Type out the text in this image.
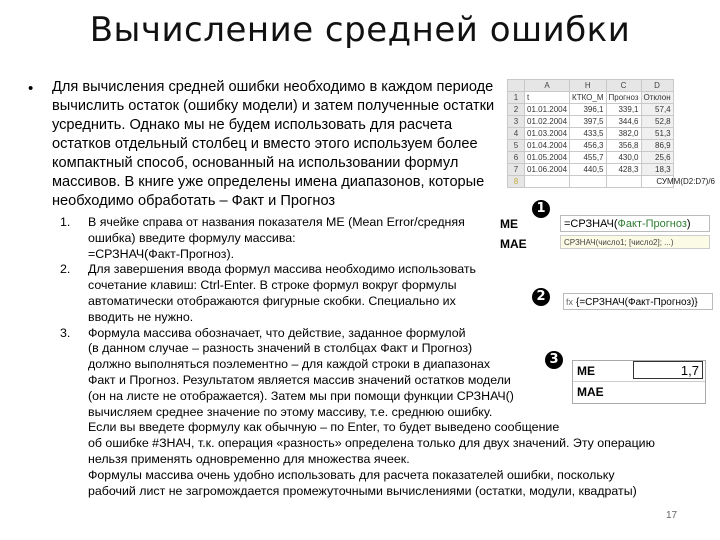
Вычисление средней ошибки
• Для вычисления средней ошибки необходимо в каждом периоде
вычислить остаток (ошибку модели) и затем полученные остатки
усреднить. Однако мы не будем использовать для расчета
остатков отдельный столбец и вместо этого используем более
компактный способ, основанный на использовании формул
массивов. В книге уже определены имена диапазонов, которые
необходимо обработать – Факт и Прогноз
	A	H	C	D
1	t	КТКО_М	Прогноз	Отклон
2	01.01.2004	396,1	339,1	57,4
3	01.02.2004	397,5	344,6	52,8
4	01.03.2004	433,5	382,0	51,3
5	01.04.2004	456,3	356,8	86,9
6	01.05.2004	455,7	430,0	25,6
7	01.06.2004	440,5	428,3	18,3
8					СУММ(D2:D7)/6
1.	В ячейке справа от названия показателя ME (Mean Error/средняя
ошибка) введите формулу массива:
=СРЗНАЧ(Факт-Прогноз).
2.	Для завершения ввода формул массива необходимо использовать
сочетание клавиш: Ctrl-Enter. В строке формул вокруг формулы
автоматически отображаются фигурные скобки. Специально их
вводить не нужно.
3.	Формула массива обозначает, что действие, заданное формулой
(в данном случае – разность значений в столбцах Факт и Прогноз)
должно выполняться поэлементно – для каждой строки в диапазонах
Факт и Прогноз. Результатом является массив значений остатков модели
(он на листе не отображается). Затем мы при помощи функции СРЗНАЧ()
вычисляем среднее значение по этому массиву, т.е. среднюю ошибку.
Если вы введете формулу как обычную – по Enter, то будет выведено сообщение
об ошибке #ЗНАЧ, т.к. операция «разность» определена только для двух значений. Эту операцию
нельзя применять одновременно для множества ячеек.
Формулы массива очень удобно использовать для расчета показателей ошибки, поскольку
рабочий лист не загромождается промежуточными вычислениями (остатки, модули, квадраты)
1
2
3
ME
MAE
=СРЗНАЧ(Факт-Прогноз)
СРЗНАЧ(число1; [число2]; ...)
fx {=СРЗНАЧ(Факт-Прогноз)}
ME	1,7
MAE
17
